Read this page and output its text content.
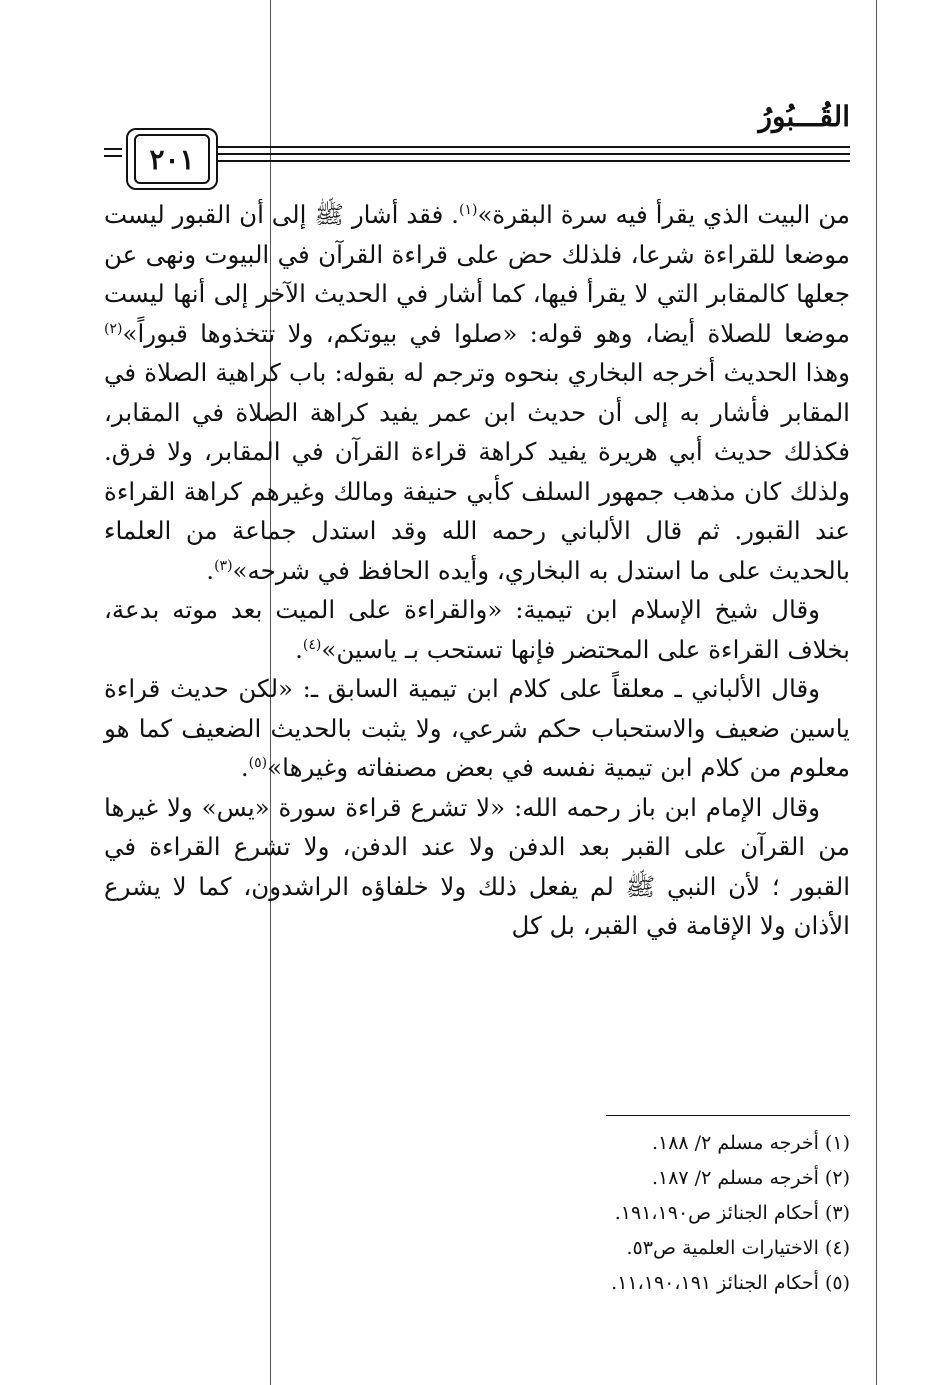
القُـــبُورُ
٢٠١

من البيت الذي يقرأ فيه سرة البقرة»$^{(١)}$. فقد أشار ﷺ إلى أن القبور ليست موضعا للقراءة شرعا، فلذلك حض على قراءة القرآن في البيوت ونهى عن جعلها كالمقابر التي لا يقرأ فيها، كما أشار في الحديث الآخر إلى أنها ليست موضعا للصلاة أيضا، وهو قوله: «صلوا في بيوتكم، ولا تتخذوها قبوراً»$^{(٢)}$ وهذا الحديث أخرجه البخاري بنحوه وترجم له بقوله: باب كراهية الصلاة في المقابر فأشار به إلى أن حديث ابن عمر يفيد كراهة الصلاة في المقابر، فكذلك حديث أبي هريرة يفيد كراهة قراءة القرآن في المقابر، ولا فرق. ولذلك كان مذهب جمهور السلف كأبي حنيفة ومالك وغيرهم كراهة القراءة عند القبور. ثم قال الألباني رحمه الله وقد استدل جماعة من العلماء بالحديث على ما استدل به البخاري، وأيده الحافظ في شرحه»$^{(٣)}$.

وقال شيخ الإسلام ابن تيمية: «والقراءة على الميت بعد موته بدعة، بخلاف القراءة على المحتضر فإنها تستحب بـ ياسين»$^{(٤)}$.

وقال الألباني ـ معلقاً على كلام ابن تيمية السابق ـ: «لكن حديث قراءة ياسين ضعيف والاستحباب حكم شرعي، ولا يثبت بالحديث الضعيف كما هو معلوم من كلام ابن تيمية نفسه في بعض مصنفاته وغيرها»$^{(٥)}$.

وقال الإمام ابن باز رحمه الله: «لا تشرع قراءة سورة «يس» ولا غيرها من القرآن على القبر بعد الدفن ولا عند الدفن، ولا تشرع القراءة في القبور ؛ لأن النبي ﷺ لم يفعل ذلك ولا خلفاؤه الراشدون، كما لا يشرع الأذان ولا الإقامة في القبر، بل كل

(١) أخرجه مسلم ٢/ ١٨٨.

(٢) أخرجه مسلم ٢/ ١٨٧.

(٣) أحكام الجنائز ص١٩١،١٩٠.

(٤) الاختيارات العلمية ص٥٣.

(٥) أحكام الجنائز ١١،١٩٠،١٩١.
